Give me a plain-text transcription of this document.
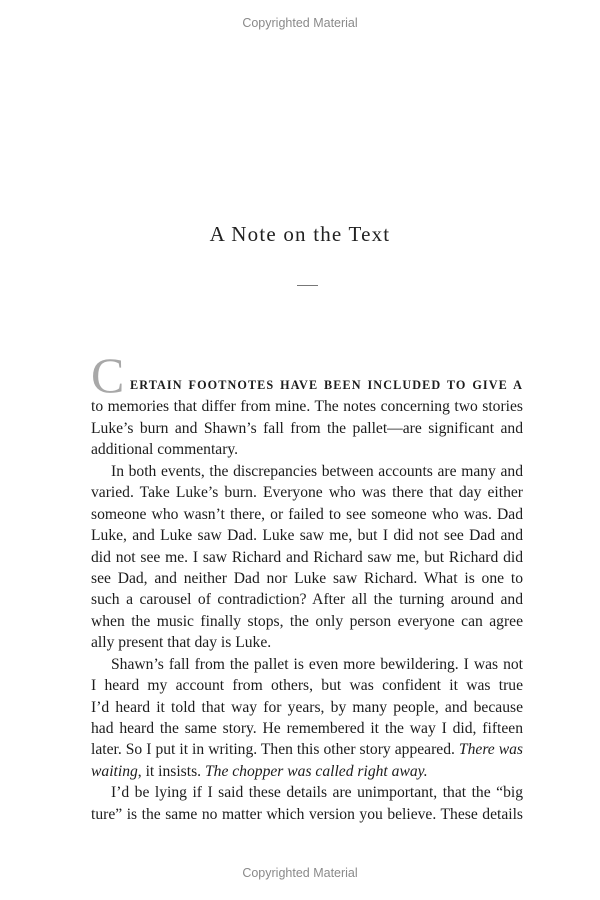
Copyrighted Material
A Note on the Text
C ERTAIN FOOTNOTES HAVE BEEN INCLUDED TO GIVE A
to memories that differ from mine. The notes concerning two stories
Luke’s burn and Shawn’s fall from the pallet—are significant and
additional commentary.
In both events, the discrepancies between accounts are many and
varied. Take Luke’s burn. Everyone who was there that day either
someone who wasn’t there, or failed to see someone who was. Dad
Luke, and Luke saw Dad. Luke saw me, but I did not see Dad and
did not see me. I saw Richard and Richard saw me, but Richard did
see Dad, and neither Dad nor Luke saw Richard. What is one to
such a carousel of contradiction? After all the turning around and
when the music finally stops, the only person everyone can agree
ally present that day is Luke.
Shawn’s fall from the pallet is even more bewildering. I was not
I heard my account from others, but was confident it was true
I’d heard it told that way for years, by many people, and because
had heard the same story. He remembered it the way I did, fifteen
later. So I put it in writing. Then this other story appeared. There was
waiting, it insists. The chopper was called right away.
I’d be lying if I said these details are unimportant, that the “big
ture” is the same no matter which version you believe. These details
Copyrighted Material
